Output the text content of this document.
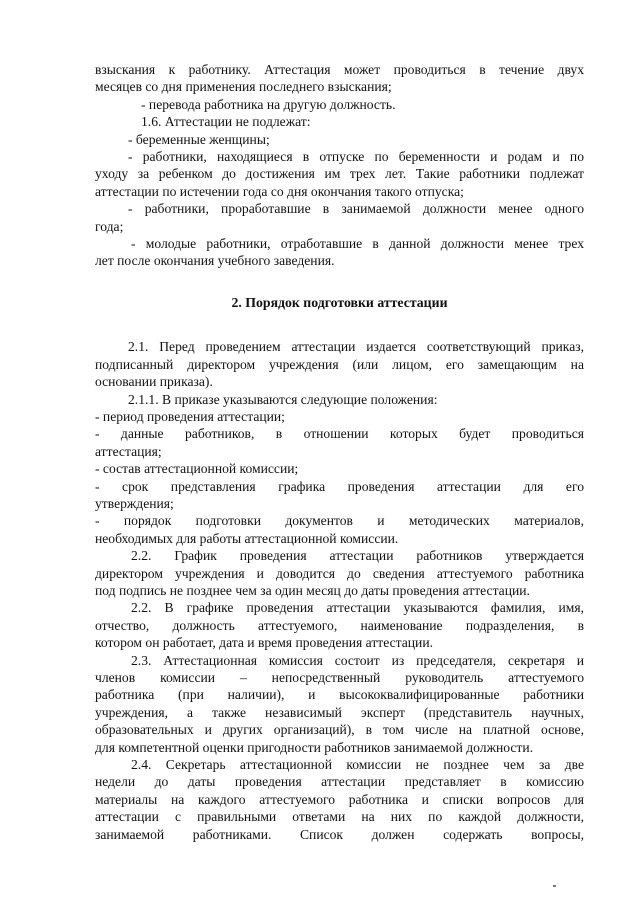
взыскания к работнику. Аттестация может проводиться в течение двух

месяцев со дня применения последнего взыскания;

- перевода работника на другую должность.

1.6. Аттестации не подлежат:

- беременные женщины;

- работники, находящиеся в отпуске по беременности и родам и по

уходу за ребенком до достижения им трех лет. Такие работники подлежат

аттестации по истечении года со дня окончания такого отпуска;

- работники, проработавшие в занимаемой должности менее одного

года;

- молодые работники, отработавшие в данной должности менее трех

лет после окончания учебного заведения.

2. Порядок подготовки аттестации

2.1. Перед проведением аттестации издается соответствующий приказ,

подписанный директором учреждения (или лицом, его замещающим на

основании приказа).

2.1.1. В приказе указываются следующие положения:

- период проведения аттестации;

- данные работников, в отношении которых будет проводиться

аттестация;

- состав аттестационной комиссии;

- срок представления графика проведения аттестации для его

утверждения;

- порядок подготовки документов и методических материалов,

необходимых для работы аттестационной комиссии.

2.2. График проведения аттестации работников утверждается

директором учреждения и доводится до сведения аттестуемого работника

под подпись не позднее чем за один месяц до даты проведения аттестации.

2.2. В графике проведения аттестации указываются фамилия, имя,

отчество, должность аттестуемого, наименование подразделения, в

котором он работает, дата и время проведения аттестации.

2.3. Аттестационная комиссия состоит из председателя, секретаря и

членов комиссии – непосредственный руководитель аттестуемого

работника (при наличии), и высококвалифицированные работники

учреждения, а также независимый эксперт (представитель научных,

образовательных и других организаций), в том числе на платной основе,

для компетентной оценки пригодности работников занимаемой должности.

2.4. Секретарь аттестационной комиссии не позднее чем за две

недели до даты проведения аттестации представляет в комиссию

материалы на каждого аттестуемого работника и списки вопросов для

аттестации с правильными ответами на них по каждой должности,

занимаемой работниками. Список должен содержать вопросы,
